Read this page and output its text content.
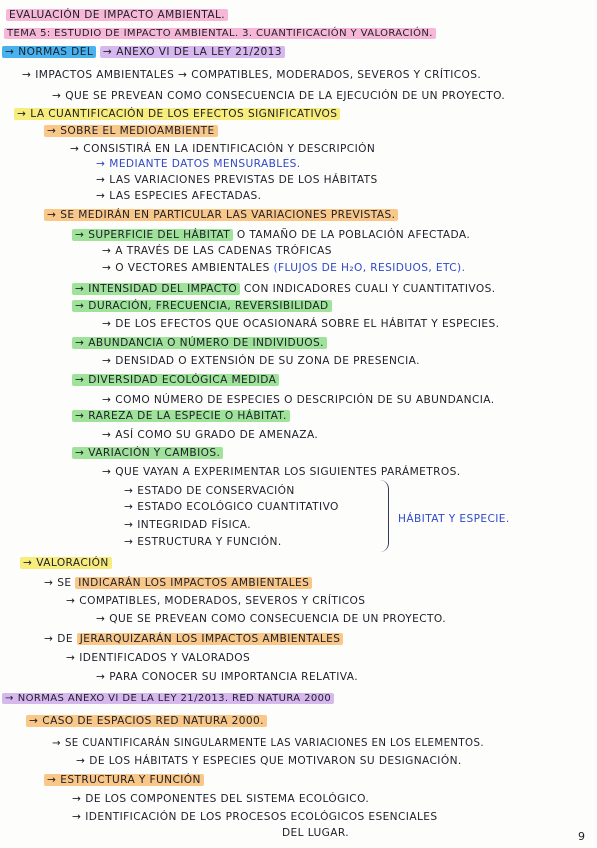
EVALUACIÓN DE IMPACTO AMBIENTAL.
TEMA 5: ESTUDIO DE IMPACTO AMBIENTAL. 3. CUANTIFICACIÓN Y VALORACIÓN.
→ NORMAS DEL → ANEXO VI DE LA LEY 21/2013
→ IMPACTOS AMBIENTALES → COMPATIBLES, MODERADOS, SEVEROS Y CRÍTICOS.
→ QUE SE PREVEAN COMO CONSECUENCIA DE LA EJECUCIÓN DE UN PROYECTO.
→ LA CUANTIFICACIÓN DE LOS EFECTOS SIGNIFICATIVOS
→ SOBRE EL MEDIOAMBIENTE
→ CONSISTIRÁ EN LA IDENTIFICACIÓN Y DESCRIPCIÓN
→ MEDIANTE DATOS MENSURABLES.
→ LAS VARIACIONES PREVISTAS DE LOS HÁBITATS
→ LAS ESPECIES AFECTADAS.
→ SE MEDIRÁN EN PARTICULAR LAS VARIACIONES PREVISTAS.
→ SUPERFICIE DEL HÁBITAT O TAMAÑO DE LA POBLACIÓN AFECTADA.
→ A TRAVÉS DE LAS CADENAS TRÓFICAS
→ O VECTORES AMBIENTALES (FLUJOS DE H₂O, RESIDUOS, ETC).
→ INTENSIDAD DEL IMPACTO CON INDICADORES CUALI Y CUANTITATIVOS.
→ DURACIÓN, FRECUENCIA, REVERSIBILIDAD
→ DE LOS EFECTOS QUE OCASIONARÁ SOBRE EL HÁBITAT Y ESPECIES.
→ ABUNDANCIA O NÚMERO DE INDIVIDUOS.
→ DENSIDAD O EXTENSIÓN DE SU ZONA DE PRESENCIA.
→ DIVERSIDAD ECOLÓGICA MEDIDA
→ COMO NÚMERO DE ESPECIES O DESCRIPCIÓN DE SU ABUNDANCIA.
→ RAREZA DE LA ESPECIE O HÁBITAT.
→ ASÍ COMO SU GRADO DE AMENAZA.
→ VARIACIÓN Y CAMBIOS.
→ QUE VAYAN A EXPERIMENTAR LOS SIGUIENTES PARÁMETROS.
→ ESTADO DE CONSERVACIÓN
→ ESTADO ECOLÓGICO CUANTITATIVO
→ INTEGRIDAD FÍSICA.
→ ESTRUCTURA Y FUNCIÓN.
HÁBITAT Y ESPECIE.
→ VALORACIÓN
→ SE INDICARÁN LOS IMPACTOS AMBIENTALES
→ COMPATIBLES, MODERADOS, SEVEROS Y CRÍTICOS
→ QUE SE PREVEAN COMO CONSECUENCIA DE UN PROYECTO.
→ DE JERARQUIZARÁN LOS IMPACTOS AMBIENTALES
→ IDENTIFICADOS Y VALORADOS
→ PARA CONOCER SU IMPORTANCIA RELATIVA.
→ NORMAS ANEXO VI DE LA LEY 21/2013. RED NATURA 2000
→ CASO DE ESPACIOS RED NATURA 2000.
→ SE CUANTIFICARÁN SINGULARMENTE LAS VARIACIONES EN LOS ELEMENTOS.
→ DE LOS HÁBITATS Y ESPECIES QUE MOTIVARON SU DESIGNACIÓN.
→ ESTRUCTURA Y FUNCIÓN
→ DE LOS COMPONENTES DEL SISTEMA ECOLÓGICO.
→ IDENTIFICACIÓN DE LOS PROCESOS ECOLÓGICOS ESENCIALES
DEL LUGAR.	9
